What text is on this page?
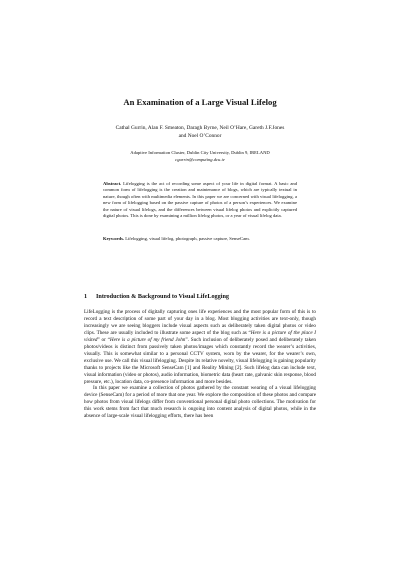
An Examination of a Large Visual Lifelog
Cathal Gurrin, Alan F. Smeaton, Daragh Byrne, Neil O’Hare, Gareth J.F.Jones and Noel O’Connor
Adaptive Information Cluster, Dublin City University, Dublin 9, IRELAND
cgurrin@computing.dcu.ie
Abstract. Lifelogging is the act of recording some aspect of your life in digital format. A basic and common form of lifelogging is the creation and maintenance of blogs, which are typically textual in nature, though often with multimedia elements. In this paper we are concerned with visual lifelogging, a new form of lifelogging based on the passive capture of photos of a person’s experiences. We examine the nature of visual lifelogs, and the differences between visual lifelog photos and explicitly captured digital photos. This is done by examining a million lifelog photos, or a year of visual lifelog data.
Keywords. Lifelogging, visual lifelog, photograph, passive capture, SenseCam.
1 Introduction & Background to Visual LifeLogging

LifeLogging is the process of digitally capturing ones life experiences and the most popular form of this is to record a text description of some part of your day in a blog. Most blogging activities are text-only, though increasingly we are seeing bloggers include visual aspects such as deliberately taken digital photos or video clips. These are usually included to illustrate some aspect of the blog such as “Here is a picture of the place I visited” or “Here is a picture of my friend John”. Such inclusion of deliberately posed and deliberately taken photos/videos is distinct from passively taken photos/images which constantly record the wearer’s activities, visually. This is somewhat similar to a personal CCTV system, worn by the wearer, for the wearer’s own, exclusive use. We call this visual lifelogging. Despite its relative novelty, visual lifelogging is gaining popularity thanks to projects like the Microsoft SenseCam [1] and Reality Mining [2]. Such lifelog data can include text, visual information (video or photos), audio information, biometric data (heart rate, galvanic skin response, blood pressure, etc.), location data, co-presence information and more besides.

In this paper we examine a collection of photos gathered by the constant wearing of a visual lifelogging device (SenseCam) for a period of more that one year. We explore the composition of these photos and compare how photos from visual lifelogs differ from conventional personal digital photo collections. The motivation for this work stems from fact that much research is ongoing into content analysis of digital photos, while in the absence of large-scale visual lifelogging efforts, there has been
